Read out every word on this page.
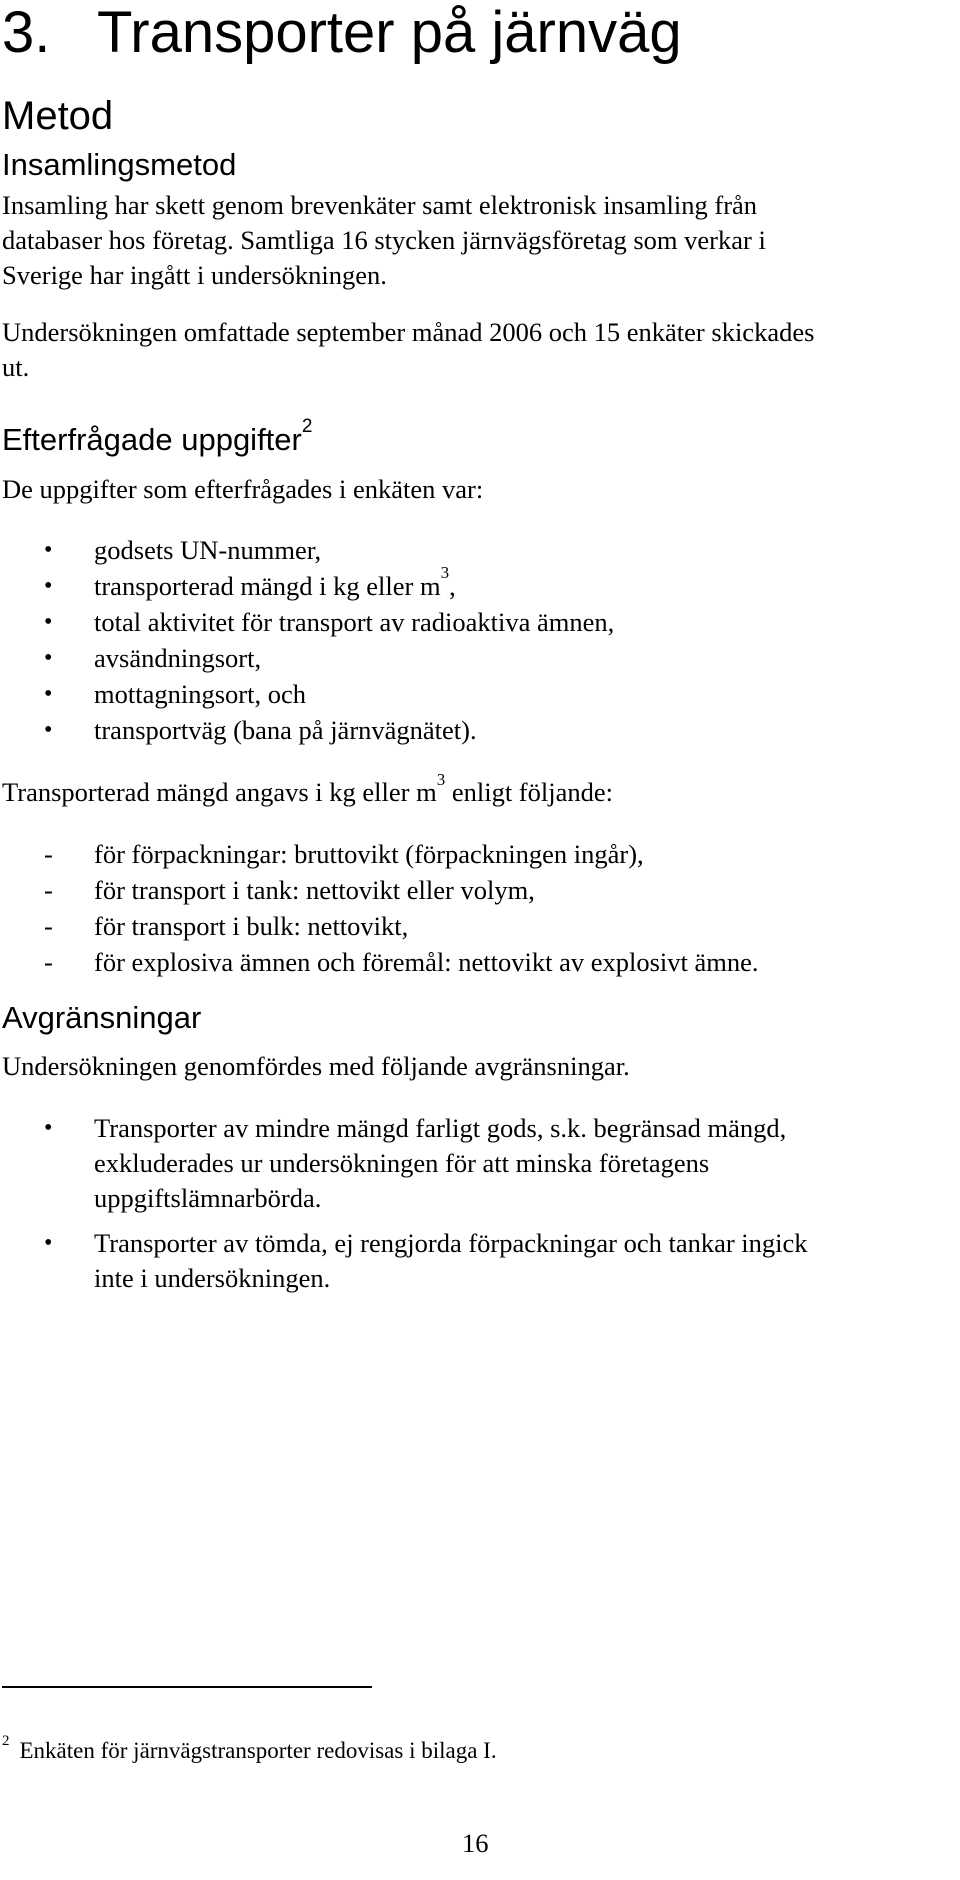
3. Transporter på järnväg
Metod
Insamlingsmetod
Insamling har skett genom brevenkäter samt elektronisk insamling från
databaser hos företag. Samtliga 16 stycken järnvägsföretag som verkar i
Sverige har ingått i undersökningen.
Undersökningen omfattade september månad 2006 och 15 enkäter skickades
ut.
Efterfrågade uppgifter$^2$
De uppgifter som efterfrågades i enkäten var:
•	godsets UN-nummer,
•	transporterad mängd i kg eller $m^3$,
•	total aktivitet för transport av radioaktiva ämnen,
•	avsändningsort,
•	mottagningsort, och
•	transportväg (bana på järnvägnätet).
Transporterad mängd angavs i kg eller $m^3$ enligt följande:
-	för förpackningar: bruttovikt (förpackningen ingår),
-	för transport i tank: nettovikt eller volym,
-	för transport i bulk: nettovikt,
-	för explosiva ämnen och föremål: nettovikt av explosivt ämne.
Avgränsningar
Undersökningen genomfördes med följande avgränsningar.
•	Transporter av mindre mängd farligt gods, s.k. begränsad mängd,
exkluderades ur undersökningen för att minska företagens
uppgiftslämnarbörda.
•	Transporter av tömda, ej rengjorda förpackningar och tankar ingick
inte i undersökningen.
$^2$ Enkäten för järnvägstransporter redovisas i bilaga I.
16
